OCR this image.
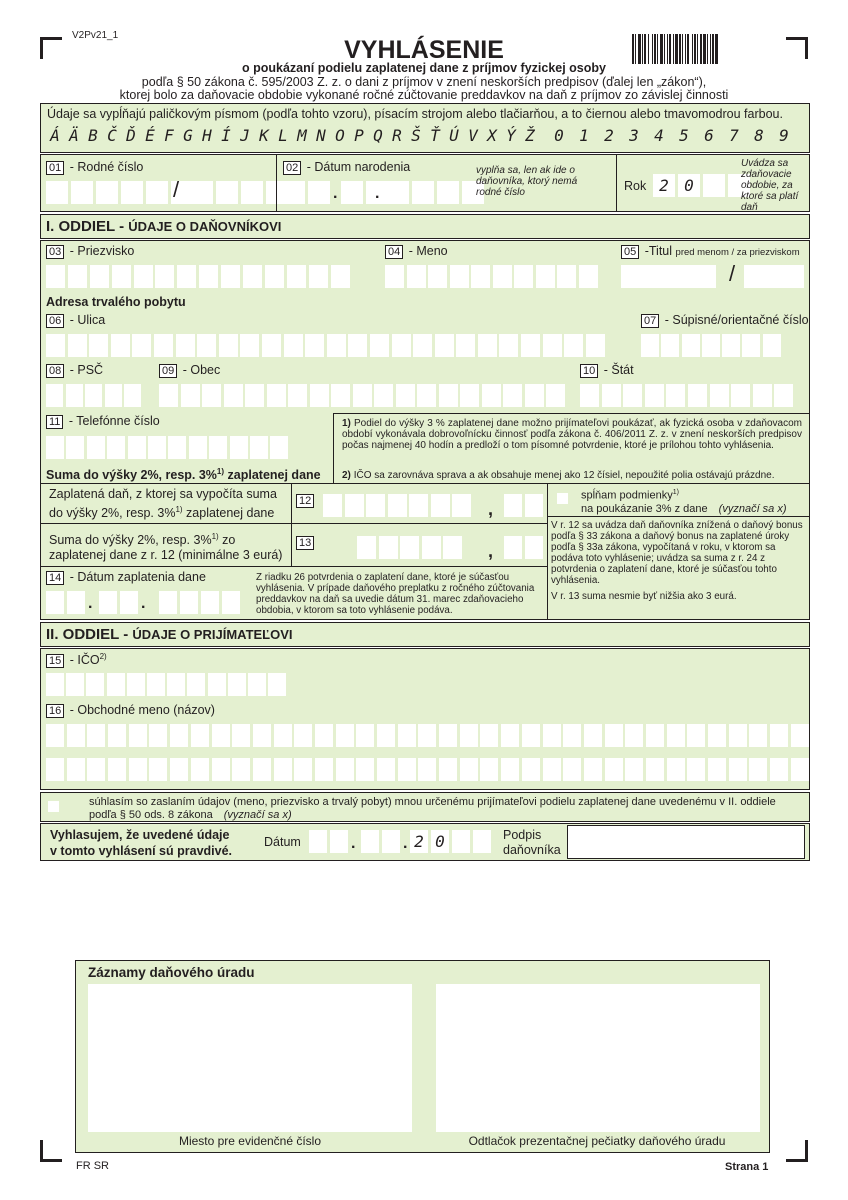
V2Pv21_1
VYHLÁSENIE
o poukázaní podielu zaplatenej dane z príjmov fyzickej osoby
podľa § 50 zákona č. 595/2003 Z. z. o dani z príjmov v znení neskorších predpisov (ďalej len „zákon“),
ktorej bolo za daňovacie obdobie vykonané ročné zúčtovanie preddavkov na daň z príjmov zo závislej činnosti
Údaje sa vypĺňajú paličkovým písmom (podľa tohto vzoru), písacím strojom alebo tlačiarňou, a to čiernou alebo tmavomodrou farbou.
Á Ä B Č Ď É F G H Í J K L M N O P Q R Š Ť Ú V X Ý Ž 0 1 2 3 4 5 6 7 8 9
01 - Rodné číslo
/
02 - Dátum narodenia
. .
vyplňa sa, len ak ide o daňovníka, ktorý nemá rodné číslo	Rok 2 0
Uvádza sa zdaňovacie obdobie, za ktoré sa platí daň
I. ODDIEL - ÚDAJE O DAŇOVNÍKOVI
03 - Priezvisko	04 - Meno	05 -Titul pred menom / za priezviskom
/
Adresa trvalého pobytu
06 - Ulica	07 - Súpisné/orientačné číslo
08 - PSČ	09 - Obec	10 - Štát
11 - Telefónne číslo	1) Podiel do výšky 3 % zaplatenej dane možno prijímateľovi poukázať, ak fyzická osoba v zdaňovacom období vykonávala dobrovoľnícku činnosť podľa zákona č. 406/2011 Z. z. v znení neskorších predpisov počas najmenej 40 hodín a predloží o tom písomné potvrdenie, ktoré je prílohou tohto vyhlásenia.
2) IČO sa zarovnáva sprava a ak obsahuje menej ako 12 čísiel, nepoužité polia ostávajú prázdne.
Suma do výšky 2%, resp. 3%$^{1)}$ zaplatenej dane
Zaplatená daň, z ktorej sa vypočíta suma do výšky 2%, resp. 3%$^{1)}$ zaplatenej dane
12	,
spĺňam podmienky$^{1)}$
na poukázanie 3% z dane (vyznačí sa x)
Suma do výšky 2%, resp. 3%$^{1)}$ zo zaplatenej dane z r. 12 (minimálne 3 eurá)
13	,
V r. 12 sa uvádza daň daňovníka znížená o daňový bonus podľa § 33 zákona a daňový bonus na zaplatené úroky podľa § 33a zákona, vypočítaná v roku, v ktorom sa podáva toto vyhlásenie; uvádza sa suma z r. 24 z potvrdenia o zaplatení dane, ktoré je súčasťou tohto vyhlásenia.
V r. 13 suma nesmie byť nižšia ako 3 eurá.
14 - Dátum zaplatenia dane
.	.
Z riadku 26 potvrdenia o zaplatení dane, ktoré je súčasťou vyhlásenia. V prípade daňového preplatku z ročného zúčtovania preddavkov na daň sa uvedie dátum 31. marec zdaňovacieho obdobia, v ktorom sa toto vyhlásenie podáva.
II. ODDIEL - ÚDAJE O PRIJÍMATEĽOVI
15 - IČO$^{2)}$
16 - Obchodné meno (názov)
súhlasím so zaslaním údajov (meno, priezvisko a trvalý pobyt) mnou určenému prijímateľovi podielu zaplatenej dane uvedenému v II. oddiele podľa § 50 ods. 8 zákona (vyznačí sa x)
Vyhlasujem, že uvedené údaje
v tomto vyhlásení sú pravdivé.
Dátum	.	. 2 0	Podpis
daňovníka
Záznamy daňového úradu
Miesto pre evidenčné číslo	Odtlačok prezentačnej pečiatky daňového úradu
FR SR	Strana 1
